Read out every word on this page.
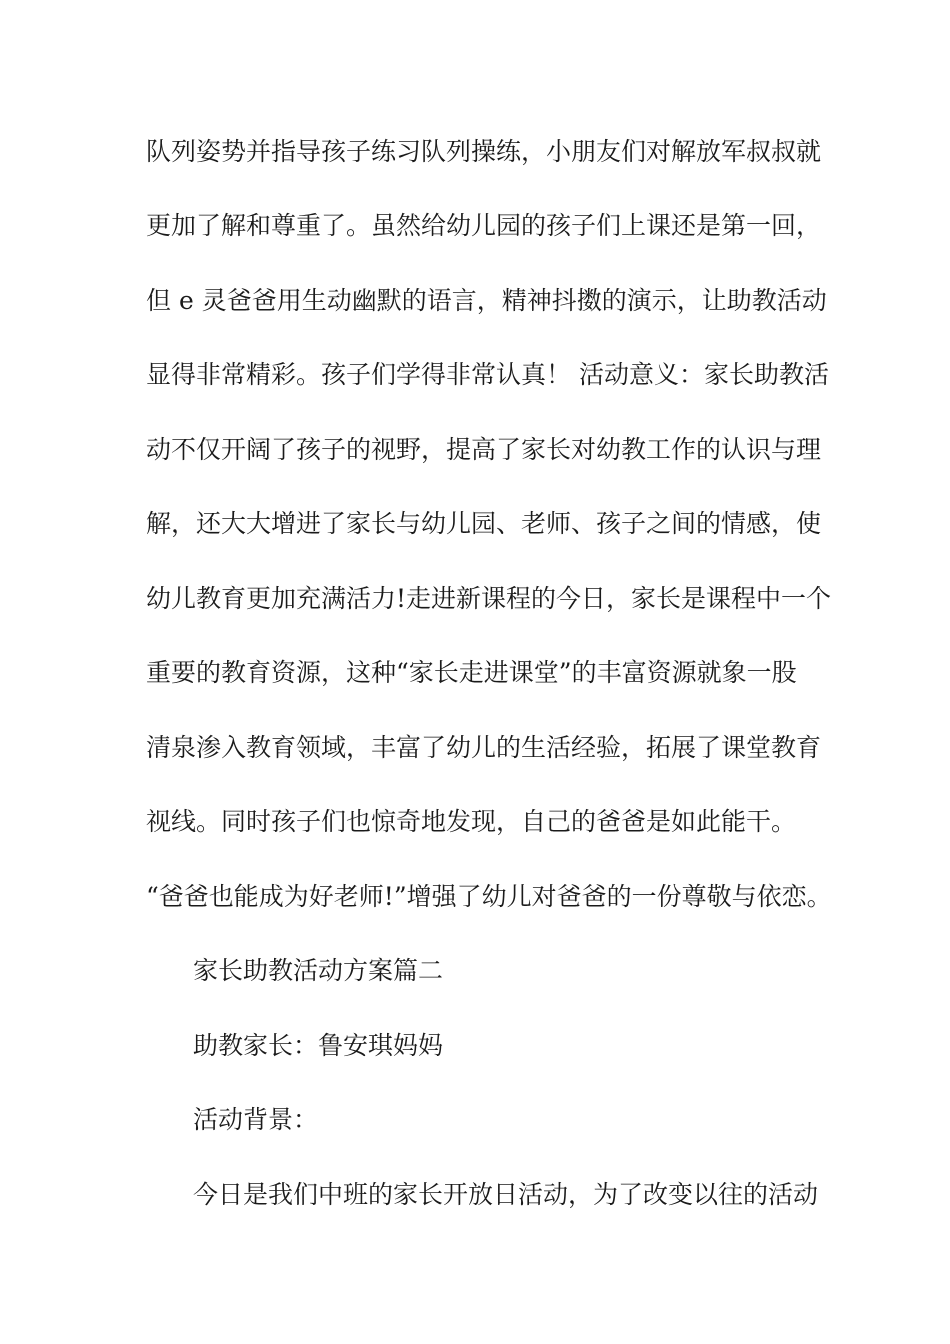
队列姿势并指导孩子练习队列操练，小朋友们对解放军叔叔就
更加了解和尊重了。虽然给幼儿园的孩子们上课还是第一回，
但 e 灵爸爸用生动幽默的语言，精神抖擞的演示，让助教活动
显得非常精彩。孩子们学得非常认真！ 活动意义：家长助教活
动不仅开阔了孩子的视野，提高了家长对幼教工作的认识与理
解，还大大增进了家长与幼儿园、老师、孩子之间的情感，使
幼儿教育更加充满活力!走进新课程的今日，家长是课程中一个
重要的教育资源，这种“家长走进课堂”的丰富资源就象一股
清泉渗入教育领域，丰富了幼儿的生活经验，拓展了课堂教育
视线。同时孩子们也惊奇地发现，自己的爸爸是如此能干。
“爸爸也能成为好老师!”增强了幼儿对爸爸的一份尊敬与依恋。
家长助教活动方案篇二
助教家长：鲁安琪妈妈
活动背景：
今日是我们中班的家长开放日活动，为了改变以往的活动
